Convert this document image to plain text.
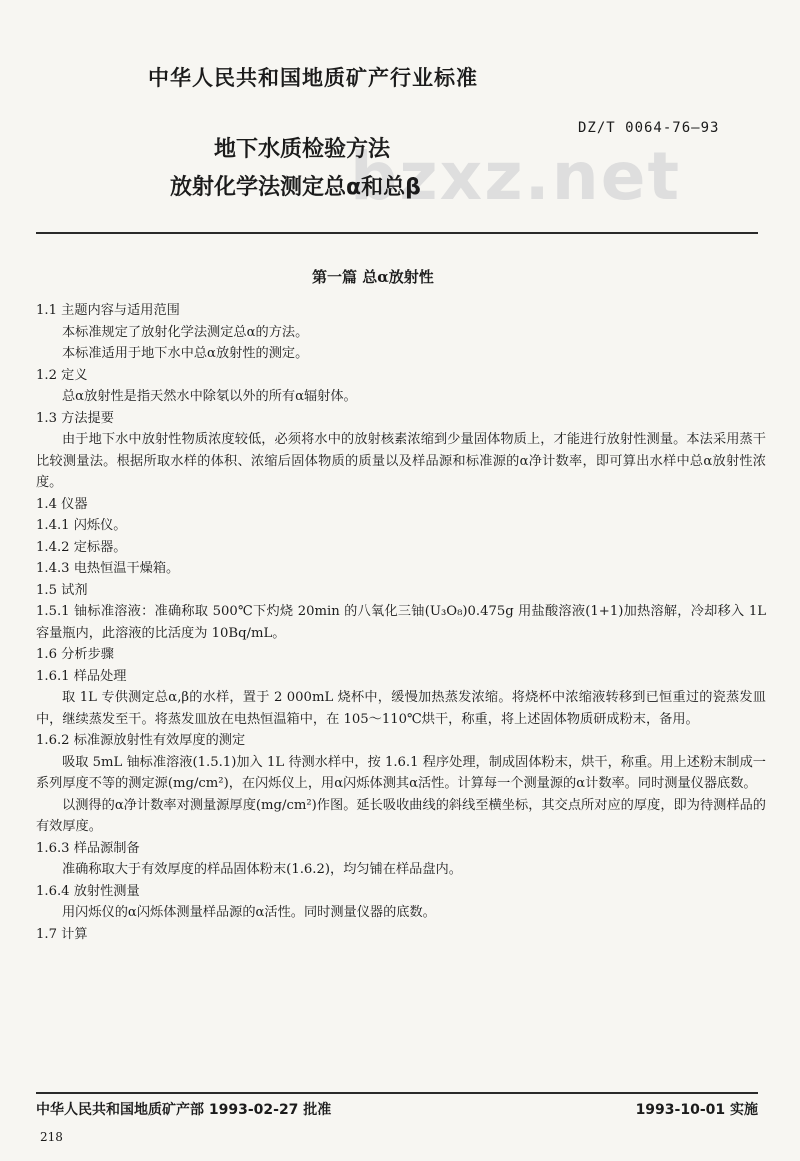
bzxz.net
中华人民共和国地质矿产行业标准
DZ/T 0064-76—93
地下水质检验方法
放射化学法测定总α和总β
第一篇 总α放射性
1.1 主题内容与适用范围
本标准规定了放射化学法测定总α的方法。
本标准适用于地下水中总α放射性的测定。
1.2 定义
总α放射性是指天然水中除氡以外的所有α辐射体。
1.3 方法提要
由于地下水中放射性物质浓度较低，必须将水中的放射核素浓缩到少量固体物质上，才能进行放射性测量。本法采用蒸干比较测量法。根据所取水样的体积、浓缩后固体物质的质量以及样品源和标准源的α净计数率，即可算出水样中总α放射性浓度。
1.4 仪器
1.4.1 闪烁仪。
1.4.2 定标器。
1.4.3 电热恒温干燥箱。
1.5 试剂
1.5.1 铀标准溶液：准确称取 500℃下灼烧 20min 的八氧化三铀(U₃O₈)0.475g 用盐酸溶液(1+1)加热溶解，冷却移入 1L 容量瓶内，此溶液的比活度为 10Bq/mL。
1.6 分析步骤
1.6.1 样品处理
取 1L 专供测定总α,β的水样，置于 2 000mL 烧杯中，缓慢加热蒸发浓缩。将烧杯中浓缩液转移到已恒重过的瓷蒸发皿中，继续蒸发至干。将蒸发皿放在电热恒温箱中，在 105～110℃烘干，称重，将上述固体物质研成粉末，备用。
1.6.2 标准源放射性有效厚度的测定
吸取 5mL 铀标准溶液(1.5.1)加入 1L 待测水样中，按 1.6.1 程序处理，制成固体粉末，烘干，称重。用上述粉末制成一系列厚度不等的测定源(mg/cm²)，在闪烁仪上，用α闪烁体测其α活性。计算每一个测量源的α计数率。同时测量仪器底数。
以测得的α净计数率对测量源厚度(mg/cm²)作图。延长吸收曲线的斜线至横坐标，其交点所对应的厚度，即为待测样品的有效厚度。
1.6.3 样品源制备
准确称取大于有效厚度的样品固体粉末(1.6.2)，均匀铺在样品盘内。
1.6.4 放射性测量
用闪烁仪的α闪烁体测量样品源的α活性。同时测量仪器的底数。
1.7 计算
中华人民共和国地质矿产部 1993-02-27 批准	1993-10-01 实施
218
